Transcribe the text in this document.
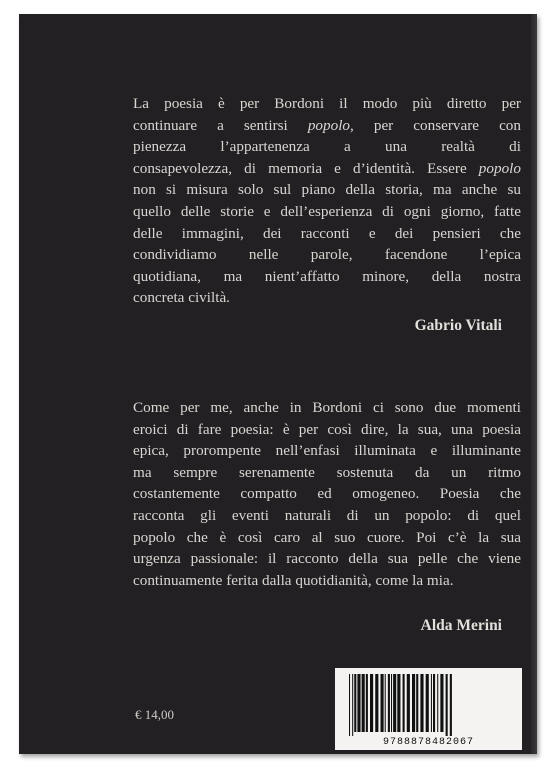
La poesia è per Bordoni il modo più diretto per
continuare a sentirsi popolo, per conservare con
pienezza l’appartenenza a una realtà di
consapevolezza, di memoria e d’identità. Essere popolo
non si misura solo sul piano della storia, ma anche su
quello delle storie e dell’esperienza di ogni giorno, fatte
delle immagini, dei racconti e dei pensieri che
condividiamo nelle parole, facendone l’epica
quotidiana, ma nient’affatto minore, della nostra
concreta civiltà.
Gabrio Vitali
Come per me, anche in Bordoni ci sono due momenti
eroici di fare poesia: è per così dire, la sua, una poesia
epica, prorompente nell’enfasi illuminata e illuminante
ma sempre serenamente sostenuta da un ritmo
costantemente compatto ed omogeneo. Poesia che
racconta gli eventi naturali di un popolo: di quel
popolo che è così caro al suo cuore. Poi c’è la sua
urgenza passionale: il racconto della sua pelle che viene
continuamente ferita dalla quotidianità, come la mia.
Alda Merini
€ 14,00
9788878482067
